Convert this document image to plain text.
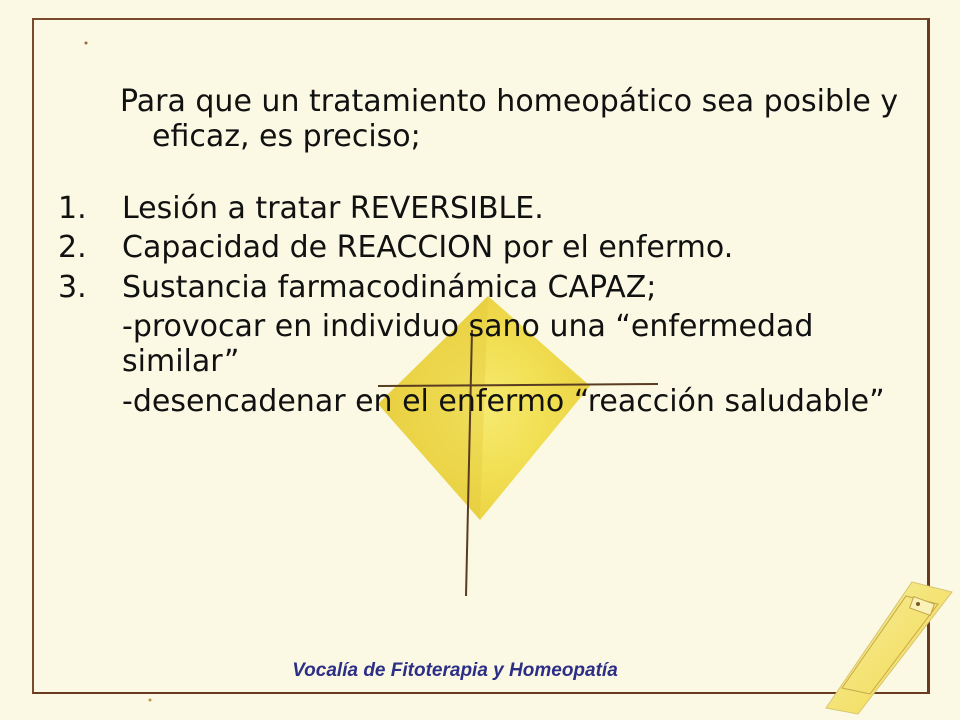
Para que un tratamiento homeopático sea posible y eficaz, es preciso;

1. Lesión a tratar REVERSIBLE.
2. Capacidad de REACCION por el enfermo.
3. Sustancia farmacodinámica CAPAZ;
-provocar en individuo sano una “enfermedad similar”
-desencadenar en el enfermo “reacción saludable”
Vocalía de Fitoterapia y Homeopatía
